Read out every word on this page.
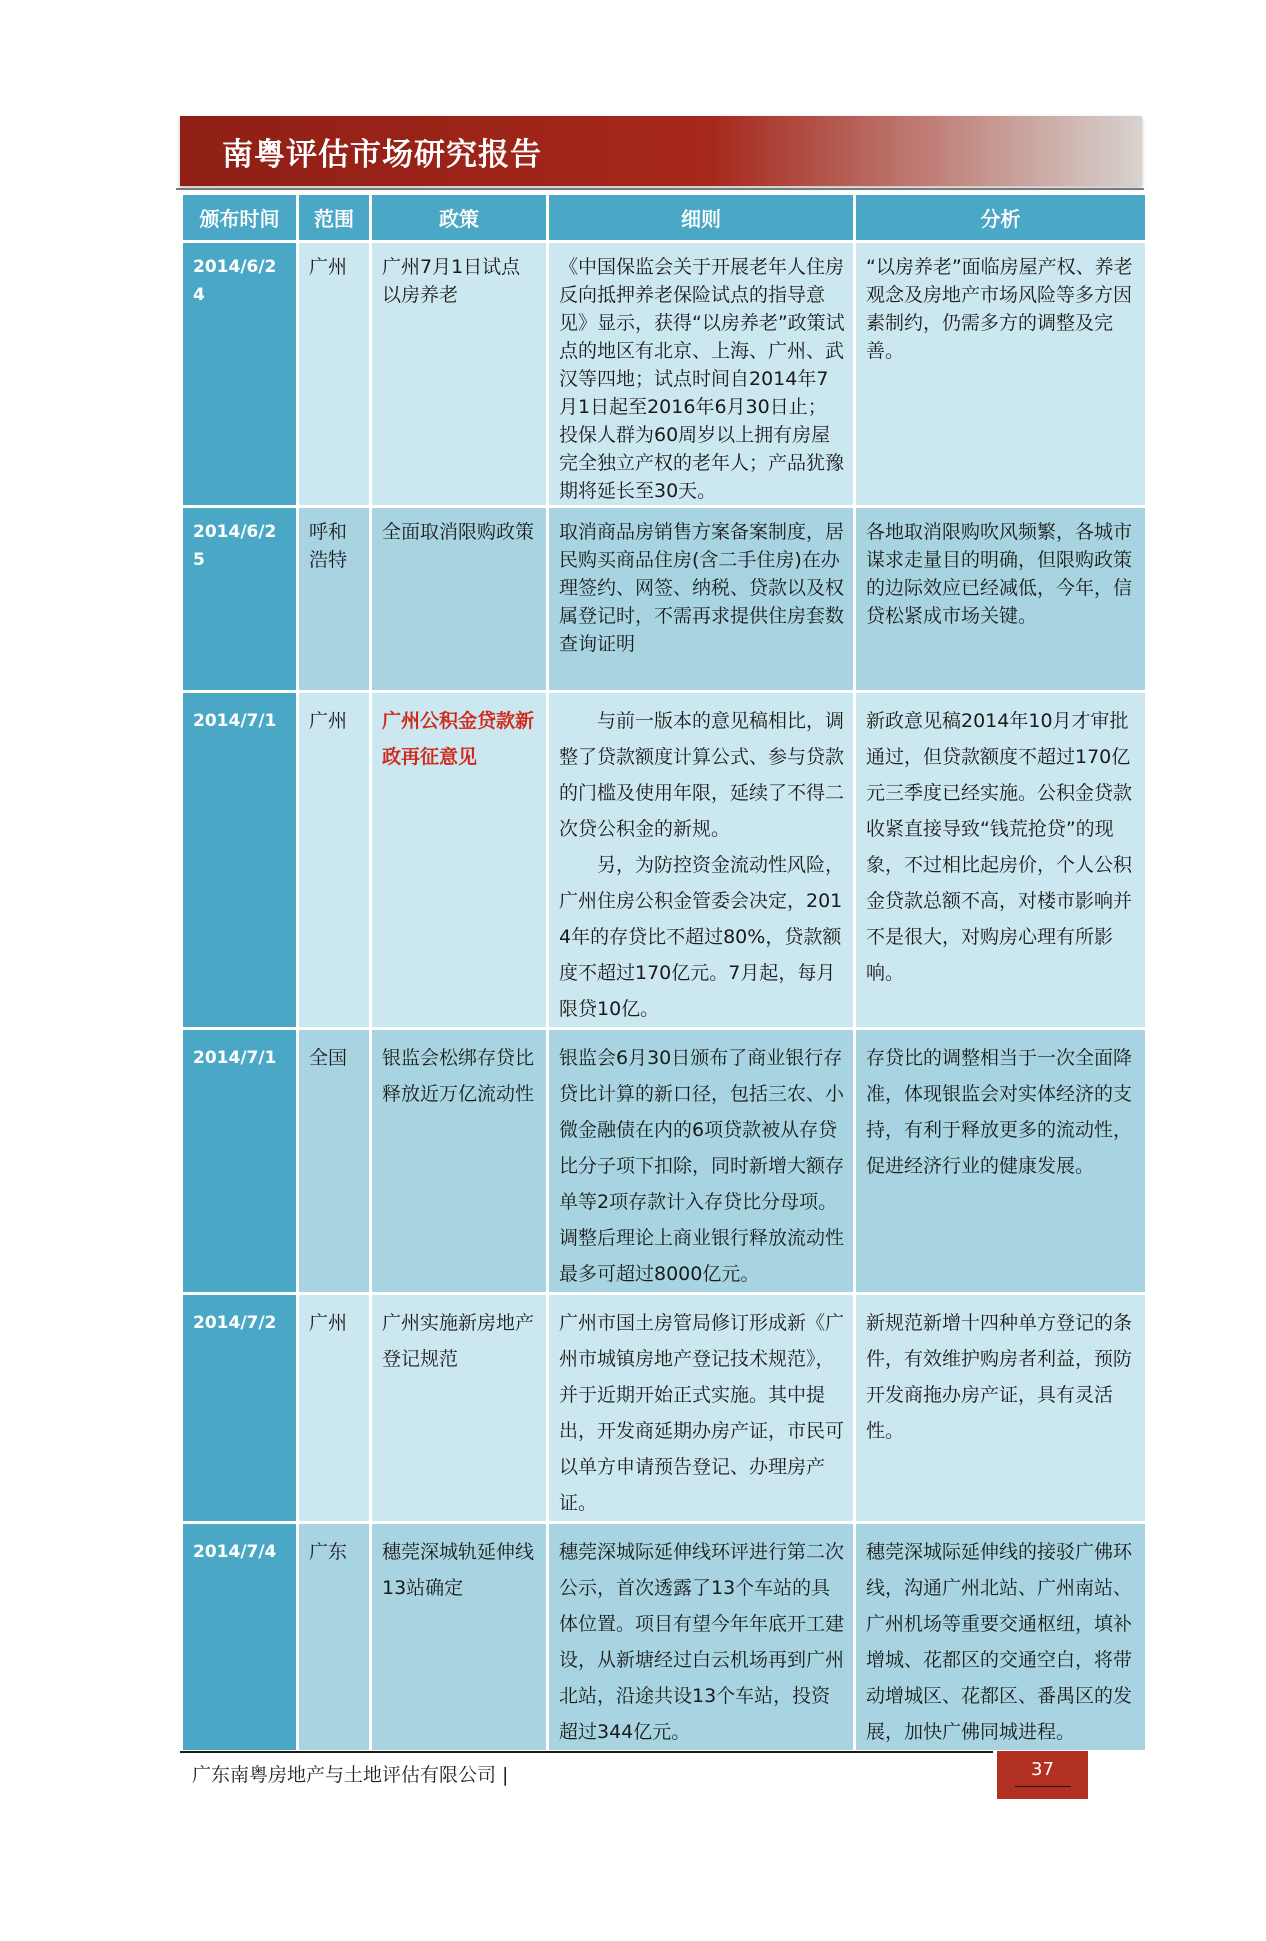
南粤评估市场研究报告
颁布时间	范围	政策	细则	分析
2014/6/24	广州	广州7月1日试点以房养老	《中国保监会关于开展老年人住房反向抵押养老保险试点的指导意见》显示，获得“以房养老”政策试点的地区有北京、上海、广州、武汉等四地；试点时间自2014年7月1日起至2016年6月30日止；投保人群为60周岁以上拥有房屋完全独立产权的老年人；产品犹豫期将延长至30天。	“以房养老”面临房屋产权、养老观念及房地产市场风险等多方因素制约，仍需多方的调整及完善。
2014/6/25	呼和浩特	全面取消限购政策	取消商品房销售方案备案制度，居民购买商品住房(含二手住房)在办理签约、网签、纳税、贷款以及权属登记时，不需再求提供住房套数查询证明	各地取消限购吹风频繁，各城市谋求走量目的明确，但限购政策的边际效应已经减低，今年，信贷松紧成市场关键。
2014/7/1	广州	广州公积金贷款新政再征意见	与前一版本的意见稿相比，调整了贷款额度计算公式、参与贷款的门槛及使用年限，延续了不得二次贷公积金的新规。
另，为防控资金流动性风险，广州住房公积金管委会决定，2014年的存贷比不超过80%，贷款额度不超过170亿元。7月起，每月限贷10亿。	新政意见稿2014年10月才审批通过，但贷款额度不超过170亿元三季度已经实施。公积金贷款收紧直接导致“钱荒抢贷”的现象，不过相比起房价，个人公积金贷款总额不高，对楼市影响并不是很大，对购房心理有所影响。
2014/7/1	全国	银监会松绑存贷比 释放近万亿流动性	银监会6月30日颁布了商业银行存贷比计算的新口径，包括三农、小微金融债在内的6项贷款被从存贷比分子项下扣除，同时新增大额存单等2项存款计入存贷比分母项。调整后理论上商业银行释放流动性最多可超过8000亿元。	存贷比的调整相当于一次全面降准，体现银监会对实体经济的支持，有利于释放更多的流动性，促进经济行业的健康发展。
2014/7/2	广州	广州实施新房地产登记规范	广州市国土房管局修订形成新《广州市城镇房地产登记技术规范》，并于近期开始正式实施。其中提出，开发商延期办房产证，市民可以单方申请预告登记、办理房产证。	新规范新增十四种单方登记的条件，有效维护购房者利益，预防开发商拖办房产证，具有灵活性。
2014/7/4	广东	穗莞深城轨延伸线13站确定	穗莞深城际延伸线环评进行第二次公示，首次透露了13个车站的具体位置。项目有望今年年底开工建设，从新塘经过白云机场再到广州北站，沿途共设13个车站，投资超过344亿元。	穗莞深城际延伸线的接驳广佛环线，沟通广州北站、广州南站、广州机场等重要交通枢纽，填补增城、花都区的交通空白，将带动增城区、花都区、番禺区的发展，加快广佛同城进程。
广东南粤房地产与土地评估有限公司 |	37
